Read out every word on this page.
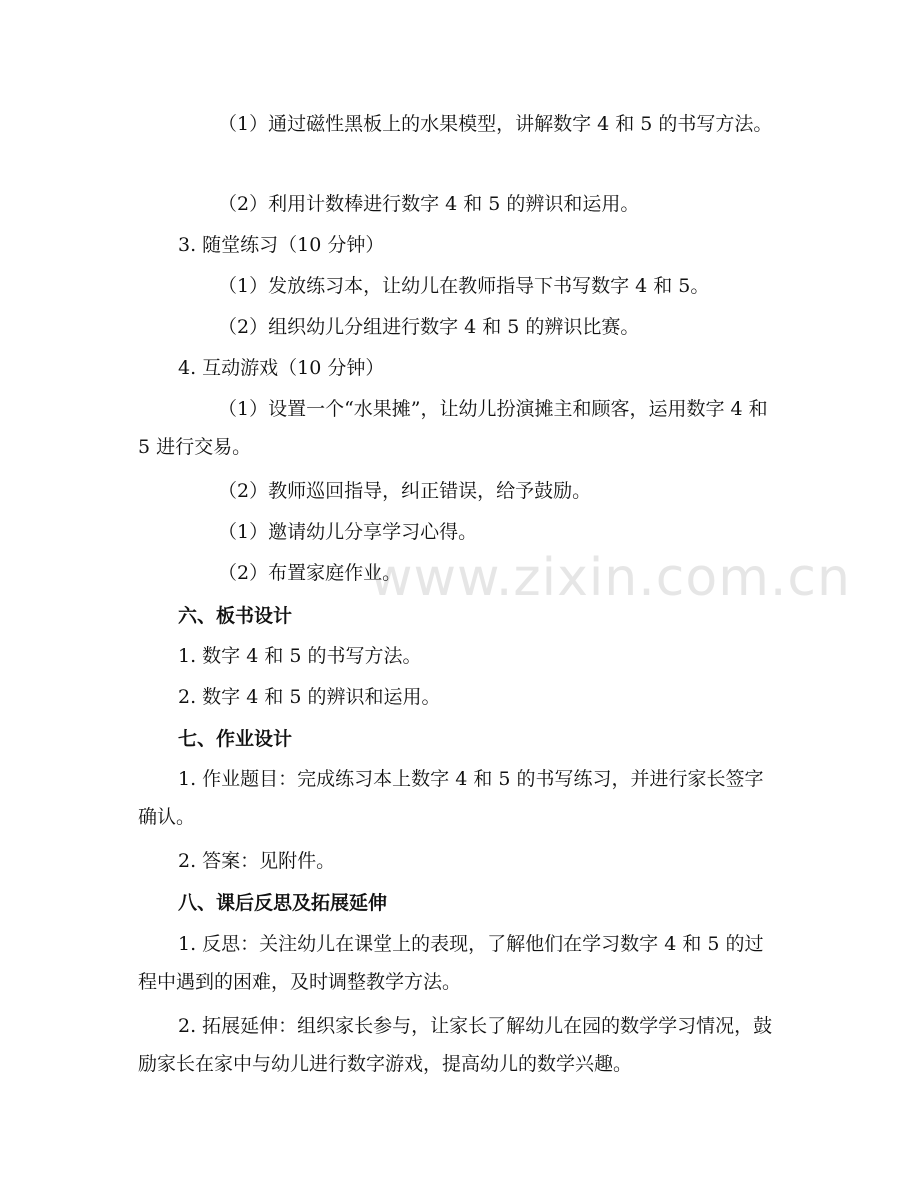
www.zixin.com.cn

（1）通过磁性黑板上的水果模型，讲解数字 4 和 5 的书写方法。

（2）利用计数棒进行数字 4 和 5 的辨识和运用。

3. 随堂练习（10 分钟）

（1）发放练习本，让幼儿在教师指导下书写数字 4 和 5。

（2）组织幼儿分组进行数字 4 和 5 的辨识比赛。

4. 互动游戏（10 分钟）

（1）设置一个“水果摊”，让幼儿扮演摊主和顾客，运用数字 4 和 5 进行交易。

（2）教师巡回指导，纠正错误，给予鼓励。

（1）邀请幼儿分享学习心得。

（2）布置家庭作业。

六、板书设计

1. 数字 4 和 5 的书写方法。

2. 数字 4 和 5 的辨识和运用。

七、作业设计

1. 作业题目：完成练习本上数字 4 和 5 的书写练习，并进行家长签字确认。

2. 答案：见附件。

八、课后反思及拓展延伸

1. 反思：关注幼儿在课堂上的表现，了解他们在学习数字 4 和 5 的过程中遇到的困难，及时调整教学方法。

2. 拓展延伸：组织家长参与，让家长了解幼儿在园的数学学习情况，鼓励家长在家中与幼儿进行数字游戏，提高幼儿的数学兴趣。
